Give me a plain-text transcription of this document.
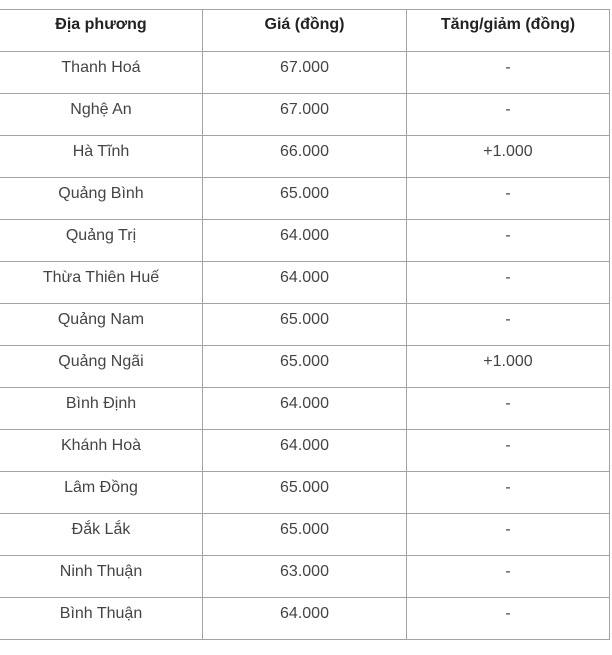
Địa phương	Giá (đồng)	Tăng/giảm (đồng)
Thanh Hoá	67.000	-
Nghệ An	67.000	-
Hà Tĩnh	66.000	+1.000
Quảng Bình	65.000	-
Quảng Trị	64.000	-
Thừa Thiên Huế	64.000	-
Quảng Nam	65.000	-
Quảng Ngãi	65.000	+1.000
Bình Định	64.000	-
Khánh Hoà	64.000	-
Lâm Đồng	65.000	-
Đắk Lắk	65.000	-
Ninh Thuận	63.000	-
Bình Thuận	64.000	-
